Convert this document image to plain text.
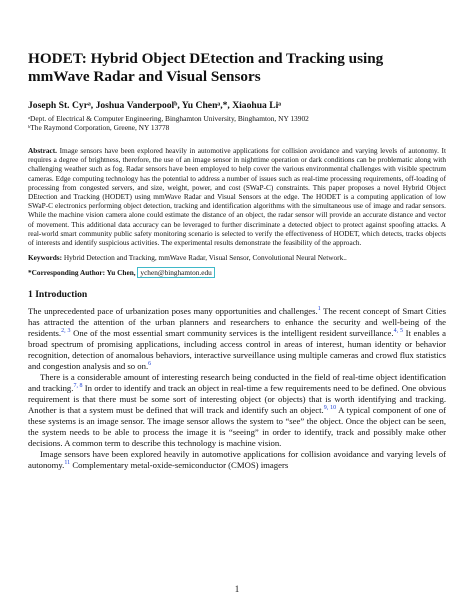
HODET: Hybrid Object DEtection and Tracking using mmWave Radar and Visual Sensors
Joseph St. Cyrᵃ, Joshua Vanderpoolᵇ, Yu Chenᵃ,*, Xiaohua Liᵃ

ᵃDept. of Electrical & Computer Engineering, Binghamton University, Binghamton, NY 13902

ᵇThe Raymond Corporation, Greene, NY 13778

Abstract. Image sensors have been explored heavily in automotive applications for collision avoidance and varying levels of autonomy. It requires a degree of brightness, therefore, the use of an image sensor in nighttime operation or dark conditions can be problematic along with challenging weather such as fog. Radar sensors have been employed to help cover the various environmental challenges with visible spectrum cameras. Edge computing technology has the potential to address a number of issues such as real-time processing requirements, off-loading of processing from congested servers, and size, weight, power, and cost (SWaP-C) constraints. This paper proposes a novel Hybrid Object DEtection and Tracking (HODET) using mmWave Radar and Visual Sensors at the edge. The HODET is a computing application of low SWaP-C electronics performing object detection, tracking and identification algorithms with the simultaneous use of image and radar sensors. While the machine vision camera alone could estimate the distance of an object, the radar sensor will provide an accurate distance and vector of movement. This additional data accuracy can be leveraged to further discriminate a detected object to protect against spoofing attacks. A real-world smart community public safety monitoring scenario is selected to verify the effectiveness of HODET, which detects, tracks objects of interests and identify suspicious activities. The experimental results demonstrate the feasibility of the approach.

Keywords: Hybrid Detection and Tracking, mmWave Radar, Visual Sensor, Convolutional Neural Network..

*Corresponding Author: Yu Chen, ychen@binghamton.edu

1 Introduction

The unprecedented pace of urbanization poses many opportunities and challenges.$^1$ The recent concept of Smart Cities has attracted the attention of the urban planners and researchers to enhance the security and well-being of the residents.$^{2, 3}$ One of the most essential smart community services is the intelligent resident surveillance.$^{4, 5}$ It enables a broad spectrum of promising applications, including access control in areas of interest, human identity or behavior recognition, detection of anomalous behaviors, interactive surveillance using multiple cameras and crowd flux statistics and congestion analysis and so on.$^6$

There is a considerable amount of interesting research being conducted in the field of real-time object identification and tracking.$^{7, 8}$ In order to identify and track an object in real-time a few requirements need to be defined. One obvious requirement is that there must be some sort of interesting object (or objects) that is worth identifying and tracking. Another is that a system must be defined that will track and identify such an object.$^{9, 10}$ A typical component of one of these systems is an image sensor. The image sensor allows the system to “see” the object. Once the object can be seen, the system needs to be able to process the image it is “seeing” in order to identify, track and possibly make other decisions. A common term to describe this technology is machine vision.

Image sensors have been explored heavily in automotive applications for collision avoidance and varying levels of autonomy.$^{11}$ Complementary metal-oxide-semiconductor (CMOS) imagers

1
